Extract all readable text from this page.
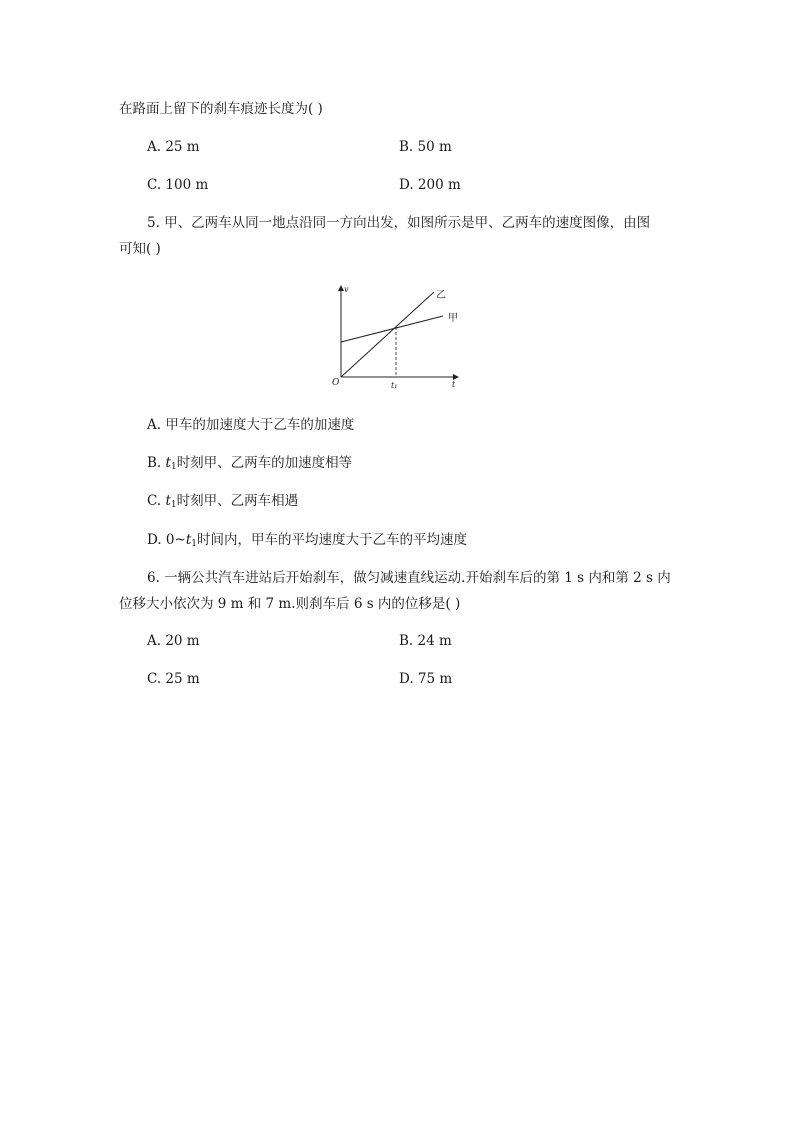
在路面上留下的刹车痕迹长度为( )
A. 25 m	B. 50 m
C. 100 m	D. 200 m
5. 甲、乙两车从同一地点沿同一方向出发，如图所示是甲、乙两车的速度图像，由图
可知( )
v
t
O	t₁
乙
甲
A. 甲车的加速度大于乙车的加速度
B. $t_1$时刻甲、乙两车的加速度相等
C. $t_1$时刻甲、乙两车相遇
D. $0\sim t_1$时间内，甲车的平均速度大于乙车的平均速度
6. 一辆公共汽车进站后开始刹车，做匀减速直线运动.开始刹车后的第 1 s 内和第 2 s 内
位移大小依次为 9 m 和 7 m.则刹车后 6 s 内的位移是( )
A. 20 m	B. 24 m
C. 25 m	D. 75 m
